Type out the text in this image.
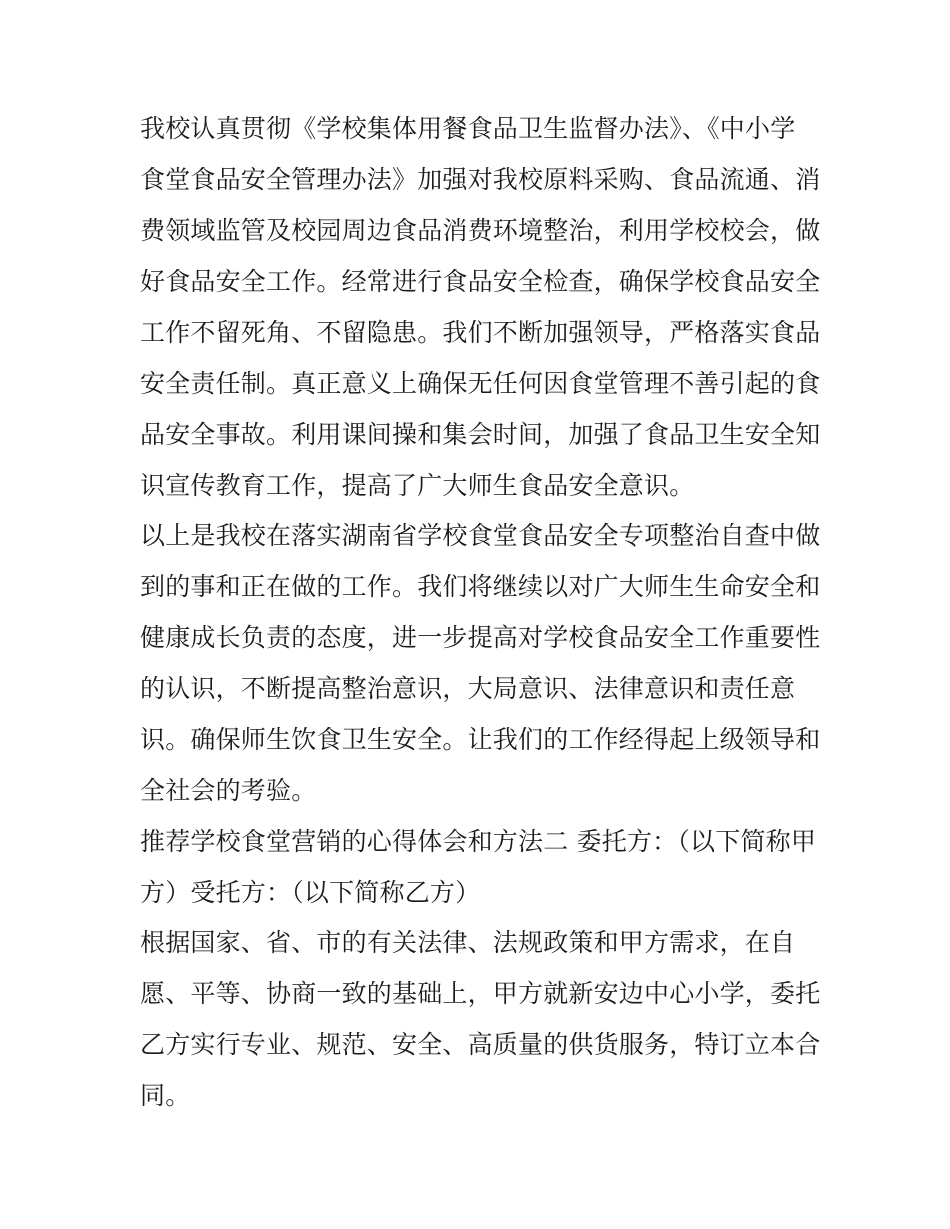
我校认真贯彻《学校集体用餐食品卫生监督办法》、《中小学
食堂食品安全管理办法》加强对我校原料采购、食品流通、消
费领域监管及校园周边食品消费环境整治，利用学校校会，做
好食品安全工作。经常进行食品安全检查，确保学校食品安全
工作不留死角、不留隐患。我们不断加强领导，严格落实食品
安全责任制。真正意义上确保无任何因食堂管理不善引起的食
品安全事故。利用课间操和集会时间，加强了食品卫生安全知
识宣传教育工作，提高了广大师生食品安全意识。
以上是我校在落实湖南省学校食堂食品安全专项整治自查中做
到的事和正在做的工作。我们将继续以对广大师生生命安全和
健康成长负责的态度，进一步提高对学校食品安全工作重要性
的认识，不断提高整治意识，大局意识、法律意识和责任意
识。确保师生饮食卫生安全。让我们的工作经得起上级领导和
全社会的考验。
推荐学校食堂营销的心得体会和方法二 委托方：（以下简称甲
方）受托方：（以下简称乙方）
根据国家、省、市的有关法律、法规政策和甲方需求，在自
愿、平等、协商一致的基础上，甲方就新安边中心小学，委托
乙方实行专业、规范、安全、高质量的供货服务，特订立本合
同。
